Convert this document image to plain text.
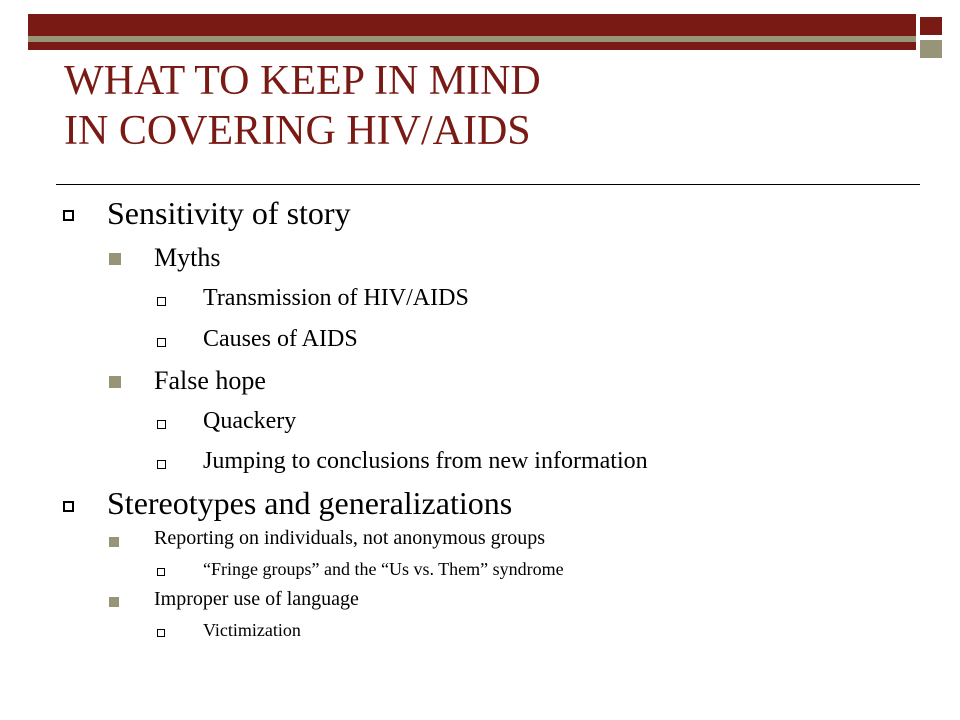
WHAT TO KEEP IN MIND
IN COVERING HIV/AIDS
Sensitivity of story
Myths
Transmission of HIV/AIDS
Causes of AIDS
False hope
Quackery
Jumping to conclusions from new information
Stereotypes and generalizations
Reporting on individuals, not anonymous groups
“Fringe groups” and the “Us vs. Them” syndrome
Improper use of language
Victimization
